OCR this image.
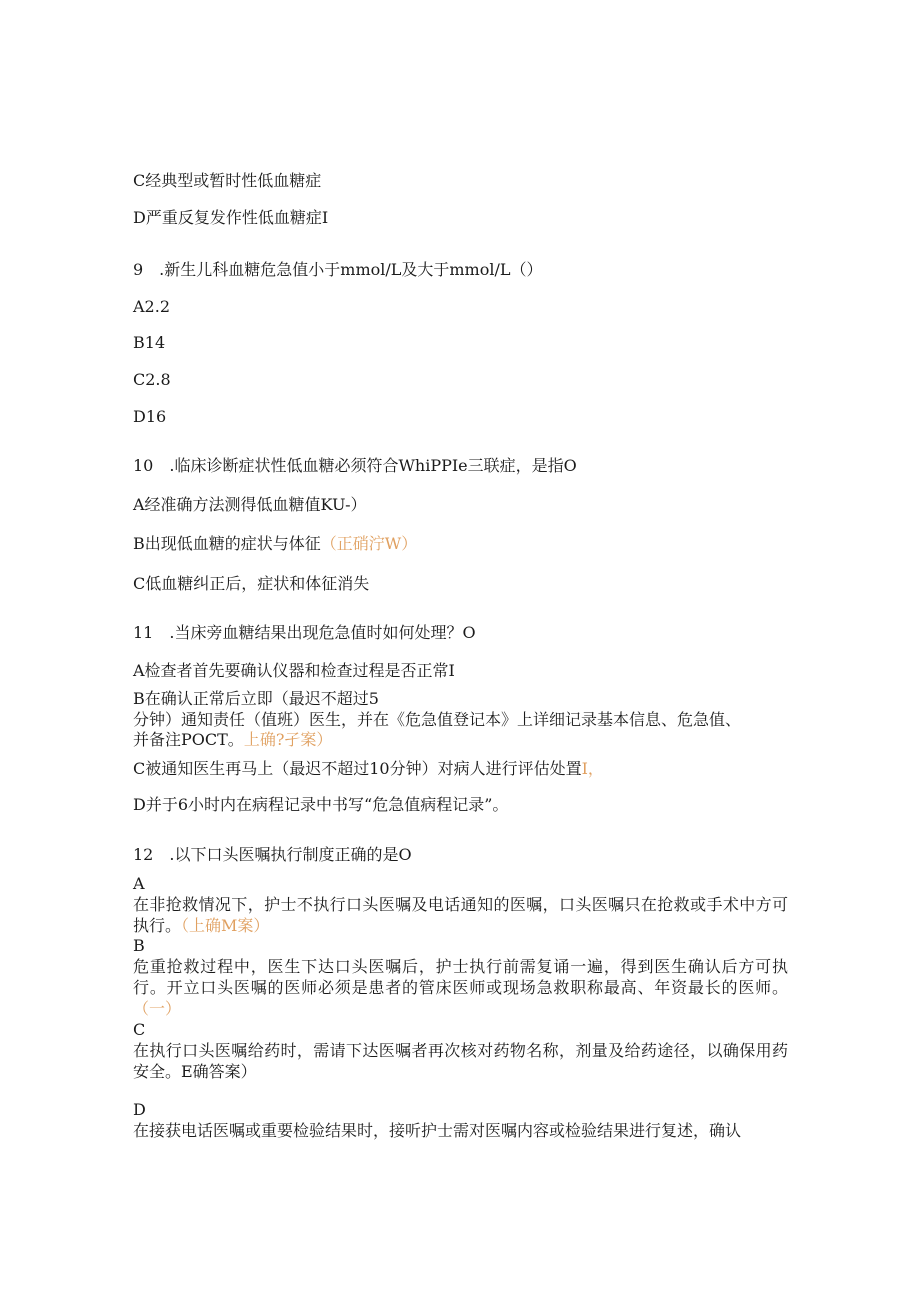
C经典型或暂时性低血糖症
D严重反复发作性低血糖症I
9　.新生儿科血糖危急值小于mmol/L及大于mmol/L（）
A2.2
B14
C2.8
D16
10　.临床诊断症状性低血糖必须符合WhiPPIe三联症，是指O
A经准确方法测得低血糖值KU-）
B出现低血糖的症状与体征（正硝泞W）
C低血糖纠正后，症状和体征消失
11　.当床旁血糖结果出现危急值时如何处理？O
A检查者首先要确认仪器和检查过程是否正常I
B在确认正常后立即（最迟不超过5
分钟）通知责任（值班）医生，并在《危急值登记本》上详细记录基本信息、危急值、
并备注POCT。上确?孑案）
C被通知医生再马上（最迟不超过10分钟）对病人进行评估处置I，
D并于6小时内在病程记录中书写“危急值病程记录”。
12　.以下口头医嘱执行制度正确的是O
A
在非抢救情况下，护士不执行口头医嘱及电话通知的医嘱，口头医嘱只在抢救或手术中方可执行。（上确M案）
B
危重抢救过程中，医生下达口头医嘱后，护士执行前需复诵一遍，得到医生确认后方可执行。开立口头医嘱的医师必须是患者的管床医师或现场急救职称最高、年资最长的医师。（一）
C
在执行口头医嘱给药时，需请下达医嘱者再次核对药物名称，剂量及给药途径，以确保用药安全。E确答案）
D
在接获电话医嘱或重要检验结果时，接听护士需对医嘱内容或检验结果进行复述，确认
